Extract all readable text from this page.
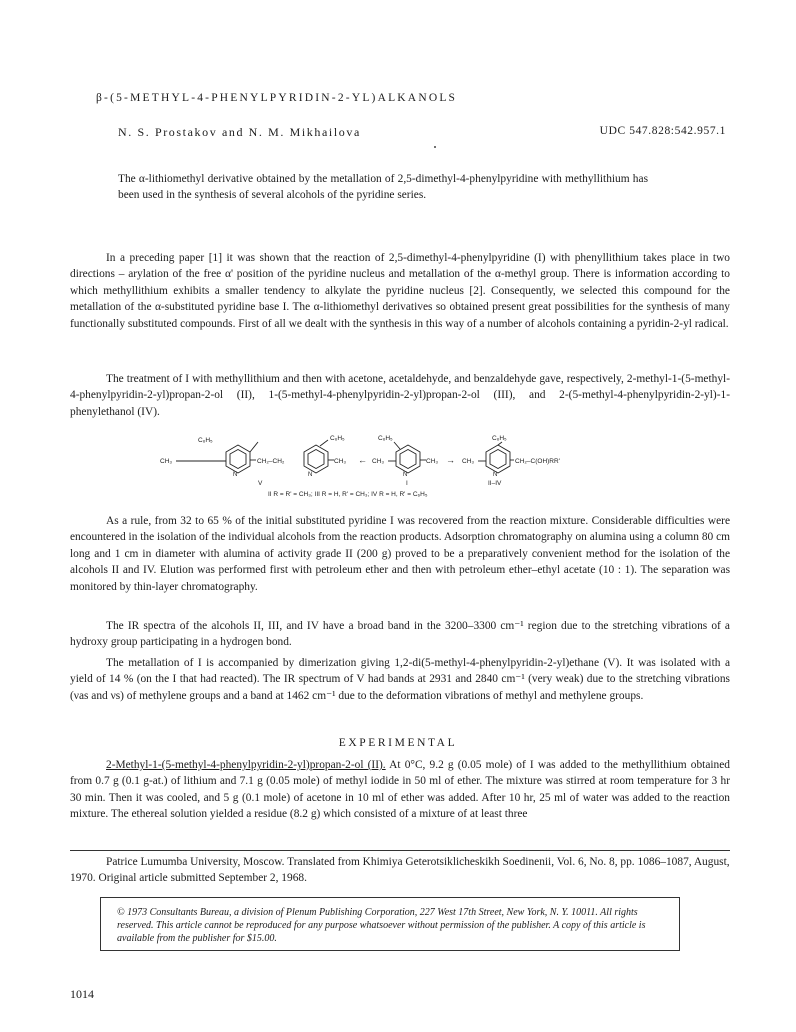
β-(5-METHYL-4-PHENYLPYRIDIN-2-YL)ALKANOLS
N. S. Prostakov and N. M. Mikhailova	UDC 547.828:542.957.1

The α-lithiomethyl derivative obtained by the metallation of 2,5-dimethyl-4-phenylpyridine with methyllithium has been used in the synthesis of several alcohols of the pyridine series.

In a preceding paper [1] it was shown that the reaction of 2,5-dimethyl-4-phenylpyridine (I) with phenyllithium takes place in two directions – arylation of the free α' position of the pyridine nucleus and metallation of the α-methyl group. There is information according to which methyllithium exhibits a smaller tendency to alkylate the pyridine nucleus [2]. Consequently, we selected this compound for the metallation of the α-substituted pyridine base I. The α-lithiomethyl derivatives so obtained present great possibilities for the synthesis of many functionally substituted compounds. First of all we dealt with the synthesis in this way of a number of alcohols containing a pyridin-2-yl radical.

The treatment of I with methyllithium and then with acetone, acetaldehyde, and benzaldehyde gave, respectively, 2-methyl-1-(5-methyl-4-phenylpyridin-2-yl)propan-2-ol (II), 1-(5-methyl-4-phenylpyridin-2-yl)propan-2-ol (III), and 2-(5-methyl-4-phenylpyridin-2-yl)-1-phenylethanol (IV).

C₆H₅
CH₃
N
CH₂–CH₂
C₆H₅
N
CH₃
V
←
C₆H₅
CH₃
N
CH₃
I
→
C₆H₅
CH₃
N
CH₂–C(OH)RR'
II–IV
II R = R' = CH₃; III R = H, R' = CH₃; IV R = H, R' = C₆H₅

As a rule, from 32 to 65 % of the initial substituted pyridine I was recovered from the reaction mixture. Considerable difficulties were encountered in the isolation of the individual alcohols from the reaction products. Adsorption chromatography on alumina using a column 80 cm long and 1 cm in diameter with alumina of activity grade II (200 g) proved to be a preparatively convenient method for the isolation of the alcohols II and IV. Elution was performed first with petroleum ether and then with petroleum ether–ethyl acetate (10 : 1). The separation was monitored by thin-layer chromatography.

The IR spectra of the alcohols II, III, and IV have a broad band in the 3200–3300 cm⁻¹ region due to the stretching vibrations of a hydroxy group participating in a hydrogen bond.

The metallation of I is accompanied by dimerization giving 1,2-di(5-methyl-4-phenylpyridin-2-yl)ethane (V). It was isolated with a yield of 14 % (on the I that had reacted). The IR spectrum of V had bands at 2931 and 2840 cm⁻¹ (very weak) due to the stretching vibrations (νas and νs) of methylene groups and a band at 1462 cm⁻¹ due to the deformation vibrations of methyl and methylene groups.

EXPERIMENTAL

2-Methyl-1-(5-methyl-4-phenylpyridin-2-yl)propan-2-ol (II). At 0°C, 9.2 g (0.05 mole) of I was added to the methyllithium obtained from 0.7 g (0.1 g-at.) of lithium and 7.1 g (0.05 mole) of methyl iodide in 50 ml of ether. The mixture was stirred at room temperature for 3 hr 30 min. Then it was cooled, and 5 g (0.1 mole) of acetone in 10 ml of ether was added. After 10 hr, 25 ml of water was added to the reaction mixture. The ethereal solution yielded a residue (8.2 g) which consisted of a mixture of at least three

Patrice Lumumba University, Moscow. Translated from Khimiya Geterotsiklicheskikh Soedinenii, Vol. 6, No. 8, pp. 1086–1087, August, 1970. Original article submitted September 2, 1968.

© 1973 Consultants Bureau, a division of Plenum Publishing Corporation, 227 West 17th Street, New York, N. Y. 10011. All rights reserved. This article cannot be reproduced for any purpose whatsoever without permission of the publisher. A copy of this article is available from the publisher for $15.00.

1014
